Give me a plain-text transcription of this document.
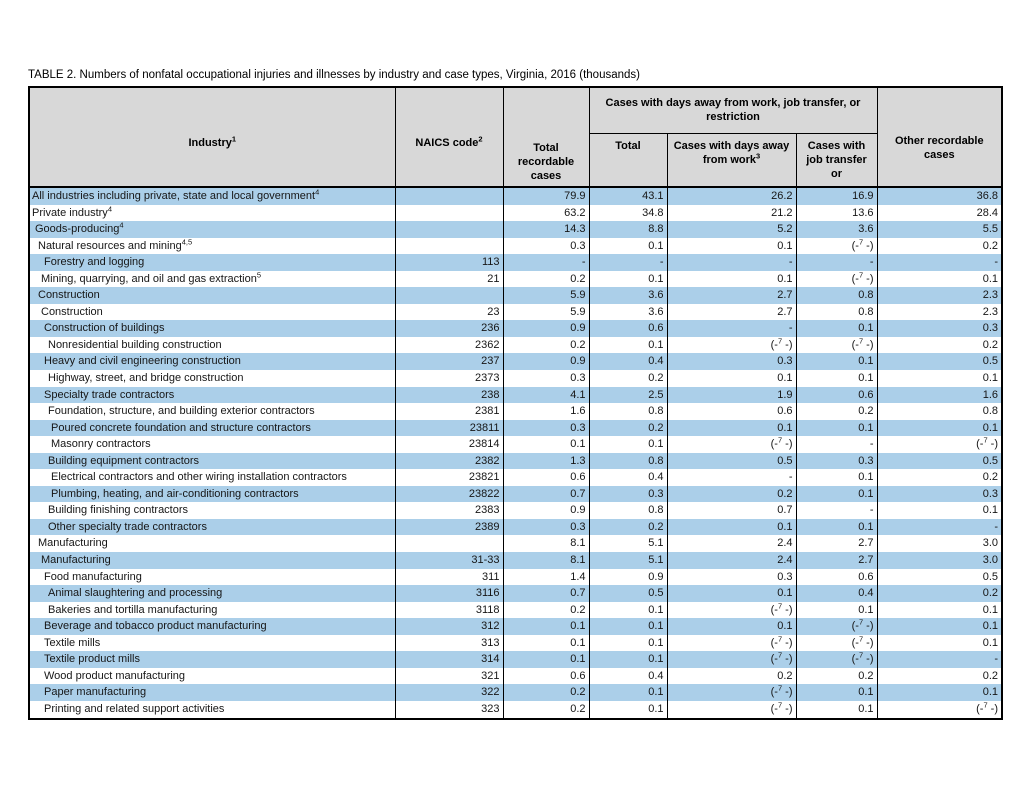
TABLE 2. Numbers of nonfatal occupational injuries and illnesses by industry and case types, Virginia, 2016 (thousands)
Industry$^1$	NAICS code$^2$	Total recordable cases	Cases with days away from work, job transfer, or restriction			Other recordable cases
			Total	Cases with days away from work$^3$	Cases with job transfer or	
All industries including private, state and local government$^4$		79.9	43.1	26.2	16.9	36.8
Private industry$^4$		63.2	34.8	21.2	13.6	28.4
Goods-producing$^4$		14.3	8.8	5.2	3.6	5.5
Natural resources and mining$^{4,5}$		0.3	0.1	0.1	(-$^7$ -)	0.2
Forestry and logging	113	-	-	-	-	-
Mining, quarrying, and oil and gas extraction$^5$	21	0.2	0.1	0.1	(-$^7$ -)	0.1
Construction		5.9	3.6	2.7	0.8	2.3
Construction	23	5.9	3.6	2.7	0.8	2.3
Construction of buildings	236	0.9	0.6	-	0.1	0.3
Nonresidential building construction	2362	0.2	0.1	(-$^7$ -)	(-$^7$ -)	0.2
Heavy and civil engineering construction	237	0.9	0.4	0.3	0.1	0.5
Highway, street, and bridge construction	2373	0.3	0.2	0.1	0.1	0.1
Specialty trade contractors	238	4.1	2.5	1.9	0.6	1.6
Foundation, structure, and building exterior contractors	2381	1.6	0.8	0.6	0.2	0.8
Poured concrete foundation and structure contractors	23811	0.3	0.2	0.1	0.1	0.1
Masonry contractors	23814	0.1	0.1	(-$^7$ -)	-	(-$^7$ -)
Building equipment contractors	2382	1.3	0.8	0.5	0.3	0.5
Electrical contractors and other wiring installation contractors	23821	0.6	0.4	-	0.1	0.2
Plumbing, heating, and air-conditioning contractors	23822	0.7	0.3	0.2	0.1	0.3
Building finishing contractors	2383	0.9	0.8	0.7	-	0.1
Other specialty trade contractors	2389	0.3	0.2	0.1	0.1	-
Manufacturing		8.1	5.1	2.4	2.7	3.0
Manufacturing	31-33	8.1	5.1	2.4	2.7	3.0
Food manufacturing	311	1.4	0.9	0.3	0.6	0.5
Animal slaughtering and processing	3116	0.7	0.5	0.1	0.4	0.2
Bakeries and tortilla manufacturing	3118	0.2	0.1	(-$^7$ -)	0.1	0.1
Beverage and tobacco product manufacturing	312	0.1	0.1	0.1	(-$^7$ -)	0.1
Textile mills	313	0.1	0.1	(-$^7$ -)	(-$^7$ -)	0.1
Textile product mills	314	0.1	0.1	(-$^7$ -)	(-$^7$ -)	-
Wood product manufacturing	321	0.6	0.4	0.2	0.2	0.2
Paper manufacturing	322	0.2	0.1	(-$^7$ -)	0.1	0.1
Printing and related support activities	323	0.2	0.1	(-$^7$ -)	0.1	(-$^7$ -)
